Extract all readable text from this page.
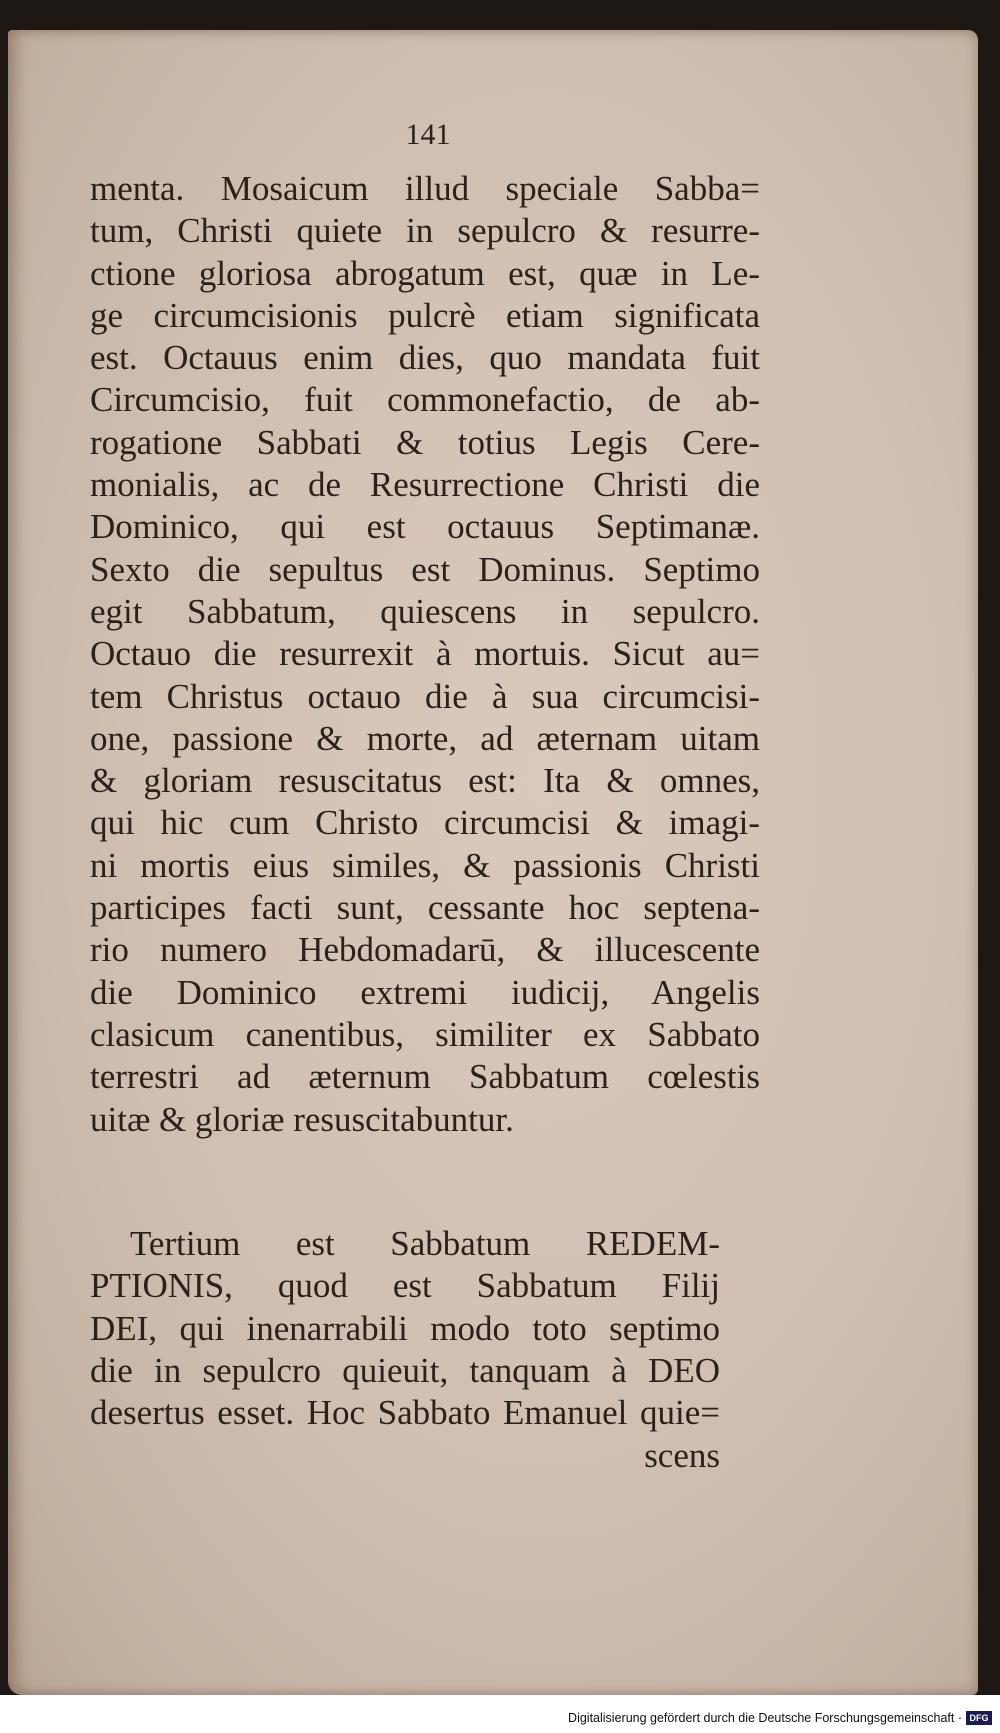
141
menta. Mosaicum illud speciale Sabba=
tum, Christi quiete in sepulcro & resurre-
ctione gloriosa abrogatum est, quæ in Le-
ge circumcisionis pulcrè etiam significata
est. Octauus enim dies, quo mandata fuit
Circumcisio, fuit commonefactio, de ab-
rogatione Sabbati & totius Legis Cere-
monialis, ac de Resurrectione Christi die
Dominico, qui est octauus Septimanæ.
Sexto die sepultus est Dominus. Septimo
egit Sabbatum, quiescens in sepulcro.
Octauo die resurrexit à mortuis. Sicut au=
tem Christus octauo die à sua circumcisi-
one, passione & morte, ad æternam uitam
& gloriam resuscitatus est: Ita & omnes,
qui hic cum Christo circumcisi & imagi-
ni mortis eius similes, & passionis Christi
participes facti sunt, cessante hoc septena-
rio numero Hebdomadarū, & illucescente
die Dominico extremi iudicij, Angelis
clasicum canentibus, similiter ex Sabbato
terrestri ad æternum Sabbatum cœlestis
uitæ & gloriæ resuscitabuntur.
Tertium est Sabbatum REDEM-
PTIONIS, quod est Sabbatum Filij
DEI, qui inenarrabili modo toto septimo
die in sepulcro quieuit, tanquam à DEO
desertus esset. Hoc Sabbato Emanuel quie=
scens
Digitalisierung gefördert durch die Deutsche Forschungsgemeinschaft · DFG
